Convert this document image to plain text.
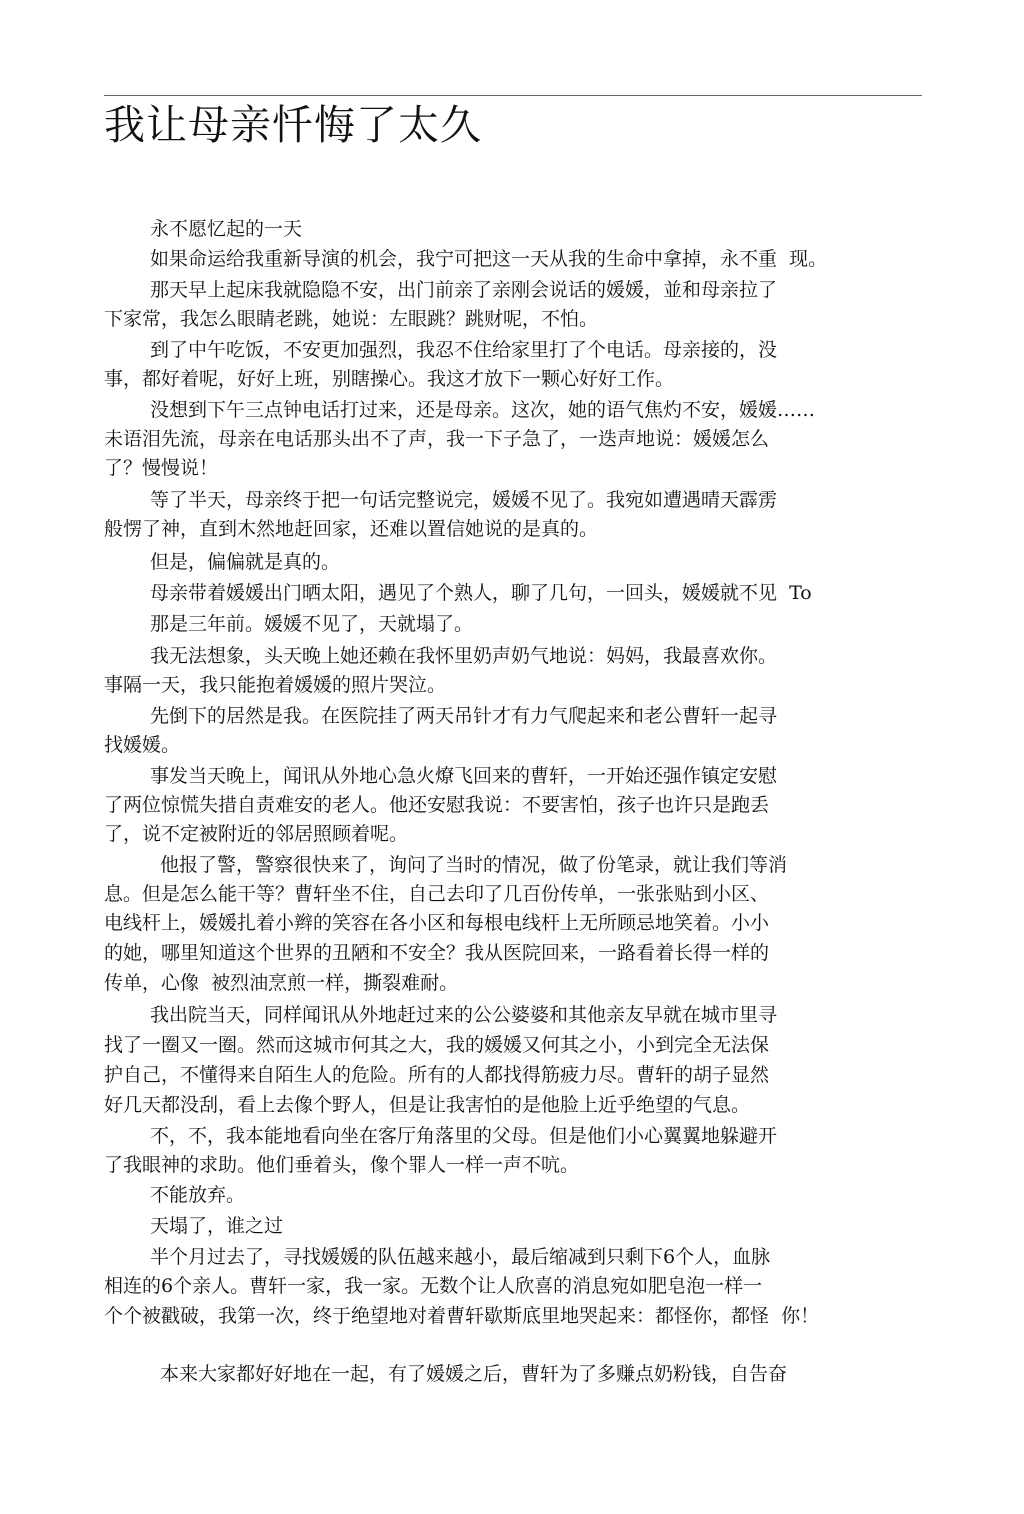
我让母亲忏悔了太久

永不愿忆起的一天

如果命运给我重新导演的机会，我宁可把这一天从我的生命中拿掉，永不重  现。

那天早上起床我就隐隐不安，出门前亲了亲刚会说话的媛媛，並和母亲拉了

下家常，我怎么眼睛老跳，她说：左眼跳？跳财呢，不怕。

到了中午吃饭，不安更加强烈，我忍不住给家里打了个电话。母亲接的，没

事，都好着呢，好好上班，别瞎操心。我这才放下一颗心好好工作。

没想到下午三点钟电话打过来，还是母亲。这次，她的语气焦灼不安，媛媛……

未语泪先流，母亲在电话那头出不了声，我一下子急了，一迭声地说：媛媛怎么

了？慢慢说！

等了半天，母亲终于把一句话完整说完，媛媛不见了。我宛如遭遇晴天霹雳

般愣了神，直到木然地赶回家，还难以置信她说的是真的。

但是，偏偏就是真的。

母亲带着媛媛出门晒太阳，遇见了个熟人，聊了几句，一回头，媛媛就不见  To

那是三年前。媛媛不见了，天就塌了。

我无法想象，头天晚上她还赖在我怀里奶声奶气地说：妈妈，我最喜欢你。

事隔一天，我只能抱着媛媛的照片哭泣。

先倒下的居然是我。在医院挂了两天吊针才有力气爬起来和老公曹轩一起寻

找媛媛。

事发当天晚上，闻讯从外地心急火燎飞回来的曹轩，一开始还强作镇定安慰

了两位惊慌失措自责难安的老人。他还安慰我说：不要害怕，孩子也许只是跑丢

了，说不定被附近的邻居照顾着呢。

他报了警，警察很快来了，询问了当时的情况，做了份笔录，就让我们等消

息。但是怎么能干等？曹轩坐不住，自己去印了几百份传单，一张张贴到小区、

电线杆上，媛媛扎着小辫的笑容在各小区和每根电线杆上无所顾忌地笑着。小小

的她，哪里知道这个世界的丑陋和不安全？我从医院回来，一路看着长得一样的

传单，心像  被烈油烹煎一样，撕裂难耐。

我出院当天，同样闻讯从外地赶过来的公公婆婆和其他亲友早就在城市里寻

找了一圈又一圈。然而这城市何其之大，我的媛媛又何其之小，小到完全无法保

护自己，不懂得来自陌生人的危险。所有的人都找得筋疲力尽。曹轩的胡子显然

好几天都没刮，看上去像个野人，但是让我害怕的是他脸上近乎绝望的气息。

不，不，我本能地看向坐在客厅角落里的父母。但是他们小心翼翼地躲避开

了我眼神的求助。他们垂着头，像个罪人一样一声不吭。

不能放弃。

天塌了，谁之过

半个月过去了，寻找媛媛的队伍越来越小，最后缩减到只剩下6个人，血脉

相连的6个亲人。曹轩一家，我一家。无数个让人欣喜的消息宛如肥皂泡一样一

个个被戳破，我第一次，终于绝望地对着曹轩歇斯底里地哭起来：都怪你，都怪  你！

本来大家都好好地在一起，有了媛媛之后，曹轩为了多赚点奶粉钱，自告奋
